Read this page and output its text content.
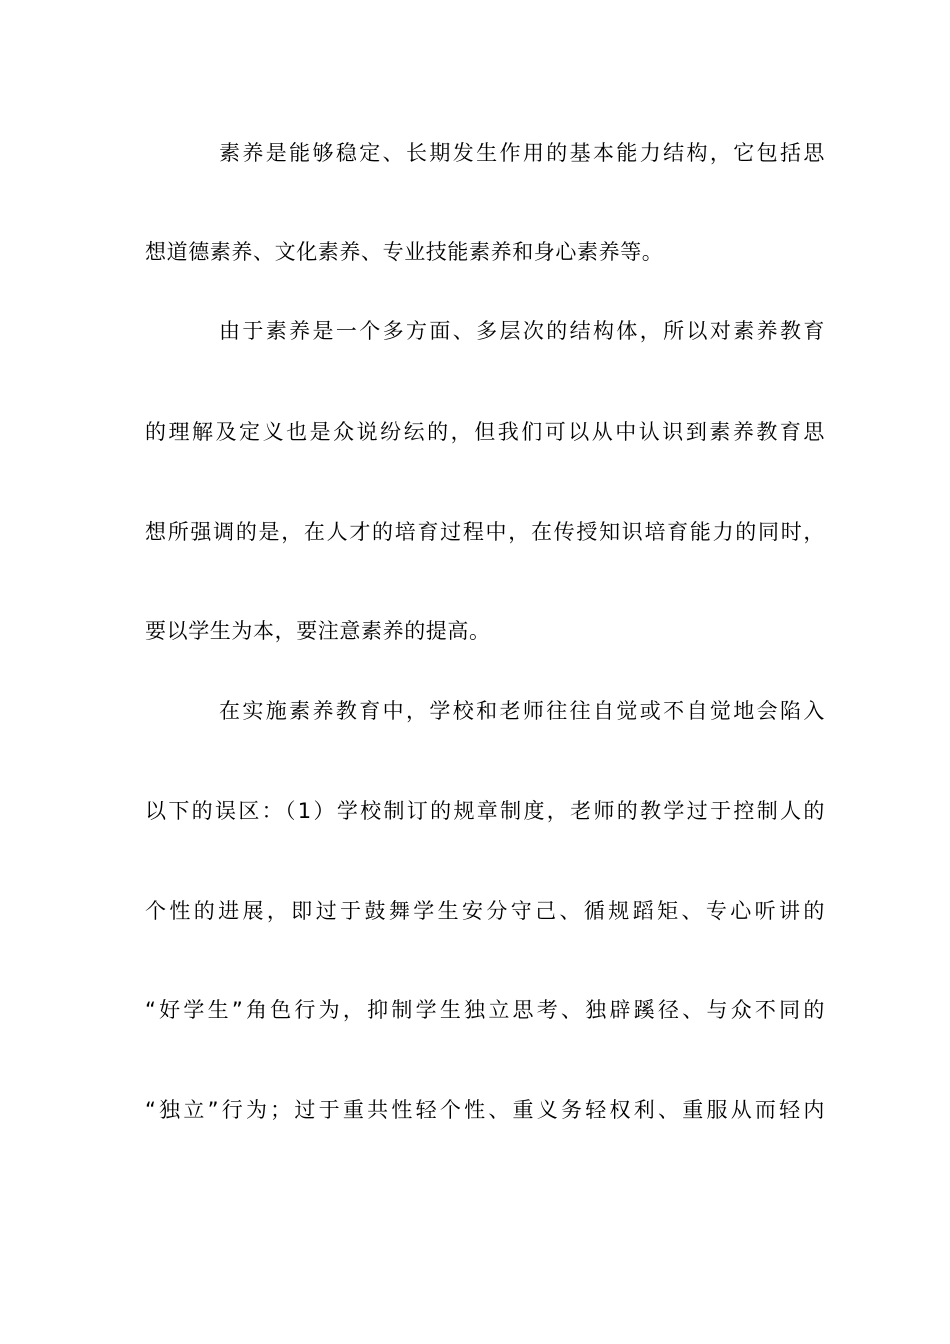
素养是能够稳定、长期发生作用的基本能力结构，它包括思
想道德素养、文化素养、专业技能素养和身心素养等。
由于素养是一个多方面、多层次的结构体，所以对素养教育
的理解及定义也是众说纷纭的，但我们可以从中认识到素养教育思
想所强调的是，在人才的培育过程中，在传授知识培育能力的同时，
要以学生为本，要注意素养的提高。
在实施素养教育中，学校和老师往往自觉或不自觉地会陷入
以下的误区：（1）学校制订的规章制度，老师的教学过于控制人的
个性的进展，即过于鼓舞学生安分守己、循规蹈矩、专心听讲的
“好学生”角色行为，抑制学生独立思考、独辟蹊径、与众不同的
“独立”行为；过于重共性轻个性、重义务轻权利、重服从而轻内
